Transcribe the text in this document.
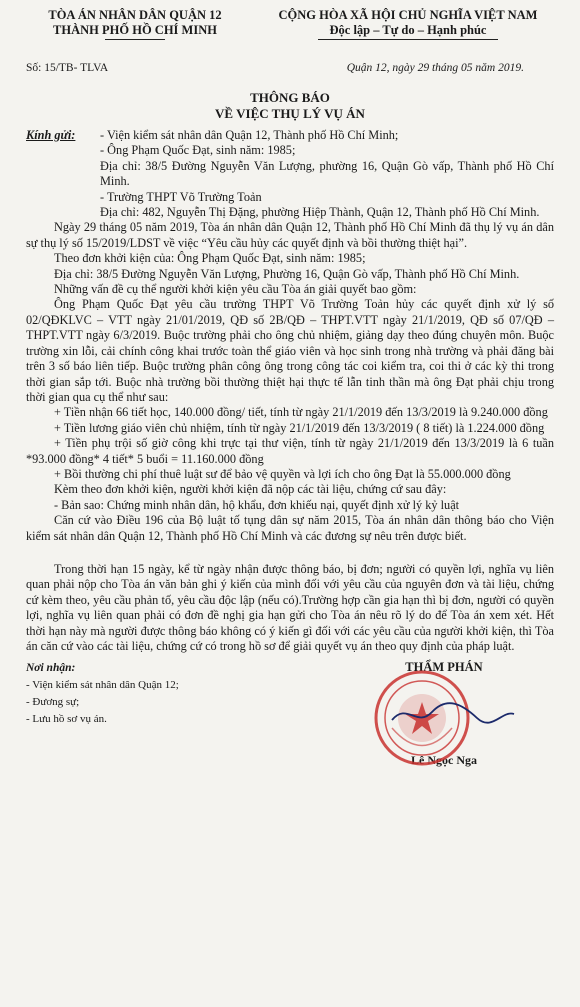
TÒA ÁN NHÂN DÂN QUẬN 12
THÀNH PHỐ HỒ CHÍ MINH
CỘNG HÒA XÃ HỘI CHỦ NGHĨA VIỆT NAM
Độc lập – Tự do – Hạnh phúc
Số: 15/TB- TLVA	Quận 12, ngày 29 tháng 05 năm 2019.
THÔNG BÁO
VỀ VIỆC THỤ LÝ VỤ ÁN
Kính gửi:	- Viện kiểm sát nhân dân Quận 12, Thành phố Hồ Chí Minh;

- Ông Phạm Quốc Đạt, sinh năm: 1985;

Địa chỉ: 38/5 Đường Nguyễn Văn Lượng, phường 16, Quận Gò vấp, Thành phố Hồ Chí Minh.

- Trường THPT Võ Trường Toản

Địa chỉ: 482, Nguyễn Thị Đặng, phường Hiệp Thành, Quận 12, Thành phố Hồ Chí Minh.

Ngày 29 tháng 05 năm 2019, Tòa án nhân dân Quận 12, Thành phố Hồ Chí Minh đã thụ lý vụ án dân sự thụ lý số 15/2019/LDST về việc “Yêu cầu hủy các quyết định và bồi thường thiệt hại”.

Theo đơn khởi kiện của: Ông Phạm Quốc Đạt, sinh năm: 1985;

Địa chỉ: 38/5 Đường Nguyễn Văn Lượng, Phường 16, Quận Gò vấp, Thành phố Hồ Chí Minh.

Những vấn đề cụ thể người khởi kiện yêu cầu Tòa án giải quyết bao gồm:

Ông Phạm Quốc Đạt yêu cầu trường THPT Võ Trường Toản hủy các quyết định xử lý số 02/QĐKLVC – VTT ngày 21/01/2019, QĐ số 2B/QĐ – THPT.VTT ngày 21/1/2019, QĐ số 07/QĐ – THPT.VTT ngày 6/3/2019. Buộc trường phải cho ông chủ nhiệm, giảng dạy theo đúng chuyên môn. Buộc trường xin lỗi, cải chính công khai trước toàn thể giáo viên và học sinh trong nhà trường và phải đăng bài trên 3 số báo liên tiếp. Buộc trường phân công ông trong công tác coi kiểm tra, coi thi ở các kỳ thi trong thời gian sắp tới. Buộc nhà trường bồi thường thiệt hại thực tế lẫn tinh thần mà ông Đạt phải chịu trong thời gian qua cụ thể như sau:

+ Tiền nhận 66 tiết học, 140.000 đồng/ tiết, tính từ ngày 21/1/2019 đến 13/3/2019 là 9.240.000 đồng

+ Tiền lương giáo viên chủ nhiệm, tính từ ngày 21/1/2019 đến 13/3/2019 ( 8 tiết) là 1.224.000 đồng

+ Tiền phụ trội số giờ công khi trực tại thư viện, tính từ ngày 21/1/2019 đến 13/3/2019 là 6 tuần *93.000 đồng* 4 tiết* 5 buổi = 11.160.000 đồng

+ Bồi thường chi phí thuê luật sư để bảo vệ quyền và lợi ích cho ông Đạt là 55.000.000 đồng

Kèm theo đơn khởi kiện, người khởi kiện đã nộp các tài liệu, chứng cứ sau đây:

- Bản sao: Chứng minh nhân dân, hộ khẩu, đơn khiếu nại, quyết định xử lý kỷ luật

Căn cứ vào Điều 196 của Bộ luật tố tụng dân sự năm 2015, Tòa án nhân dân thông báo cho Viện kiểm sát nhân dân Quận 12, Thành phố Hồ Chí Minh và các đương sự nêu trên được biết.

Trong thời hạn 15 ngày, kể từ ngày nhận được thông báo, bị đơn; người có quyền lợi, nghĩa vụ liên quan phải nộp cho Tòa án văn bản ghi ý kiến của mình đối với yêu cầu của nguyên đơn và tài liệu, chứng cứ kèm theo, yêu cầu phản tố, yêu cầu độc lập (nếu có).Trường hợp cần gia hạn thì bị đơn, người có quyền lợi, nghĩa vụ liên quan phải có đơn đề nghị gia hạn gửi cho Tòa án nêu rõ lý do để Tòa án xem xét. Hết thời hạn này mà người được thông báo không có ý kiến gì đối với các yêu cầu của người khởi kiện, thì Tòa án căn cứ vào các tài liệu, chứng cứ có trong hồ sơ để giải quyết vụ án theo quy định của pháp luật.

Nơi nhận:
- Viện kiểm sát nhân dân Quận 12;
- Đương sự;
- Lưu hồ sơ vụ án.
THẨM PHÁN
Lê Ngọc Nga
